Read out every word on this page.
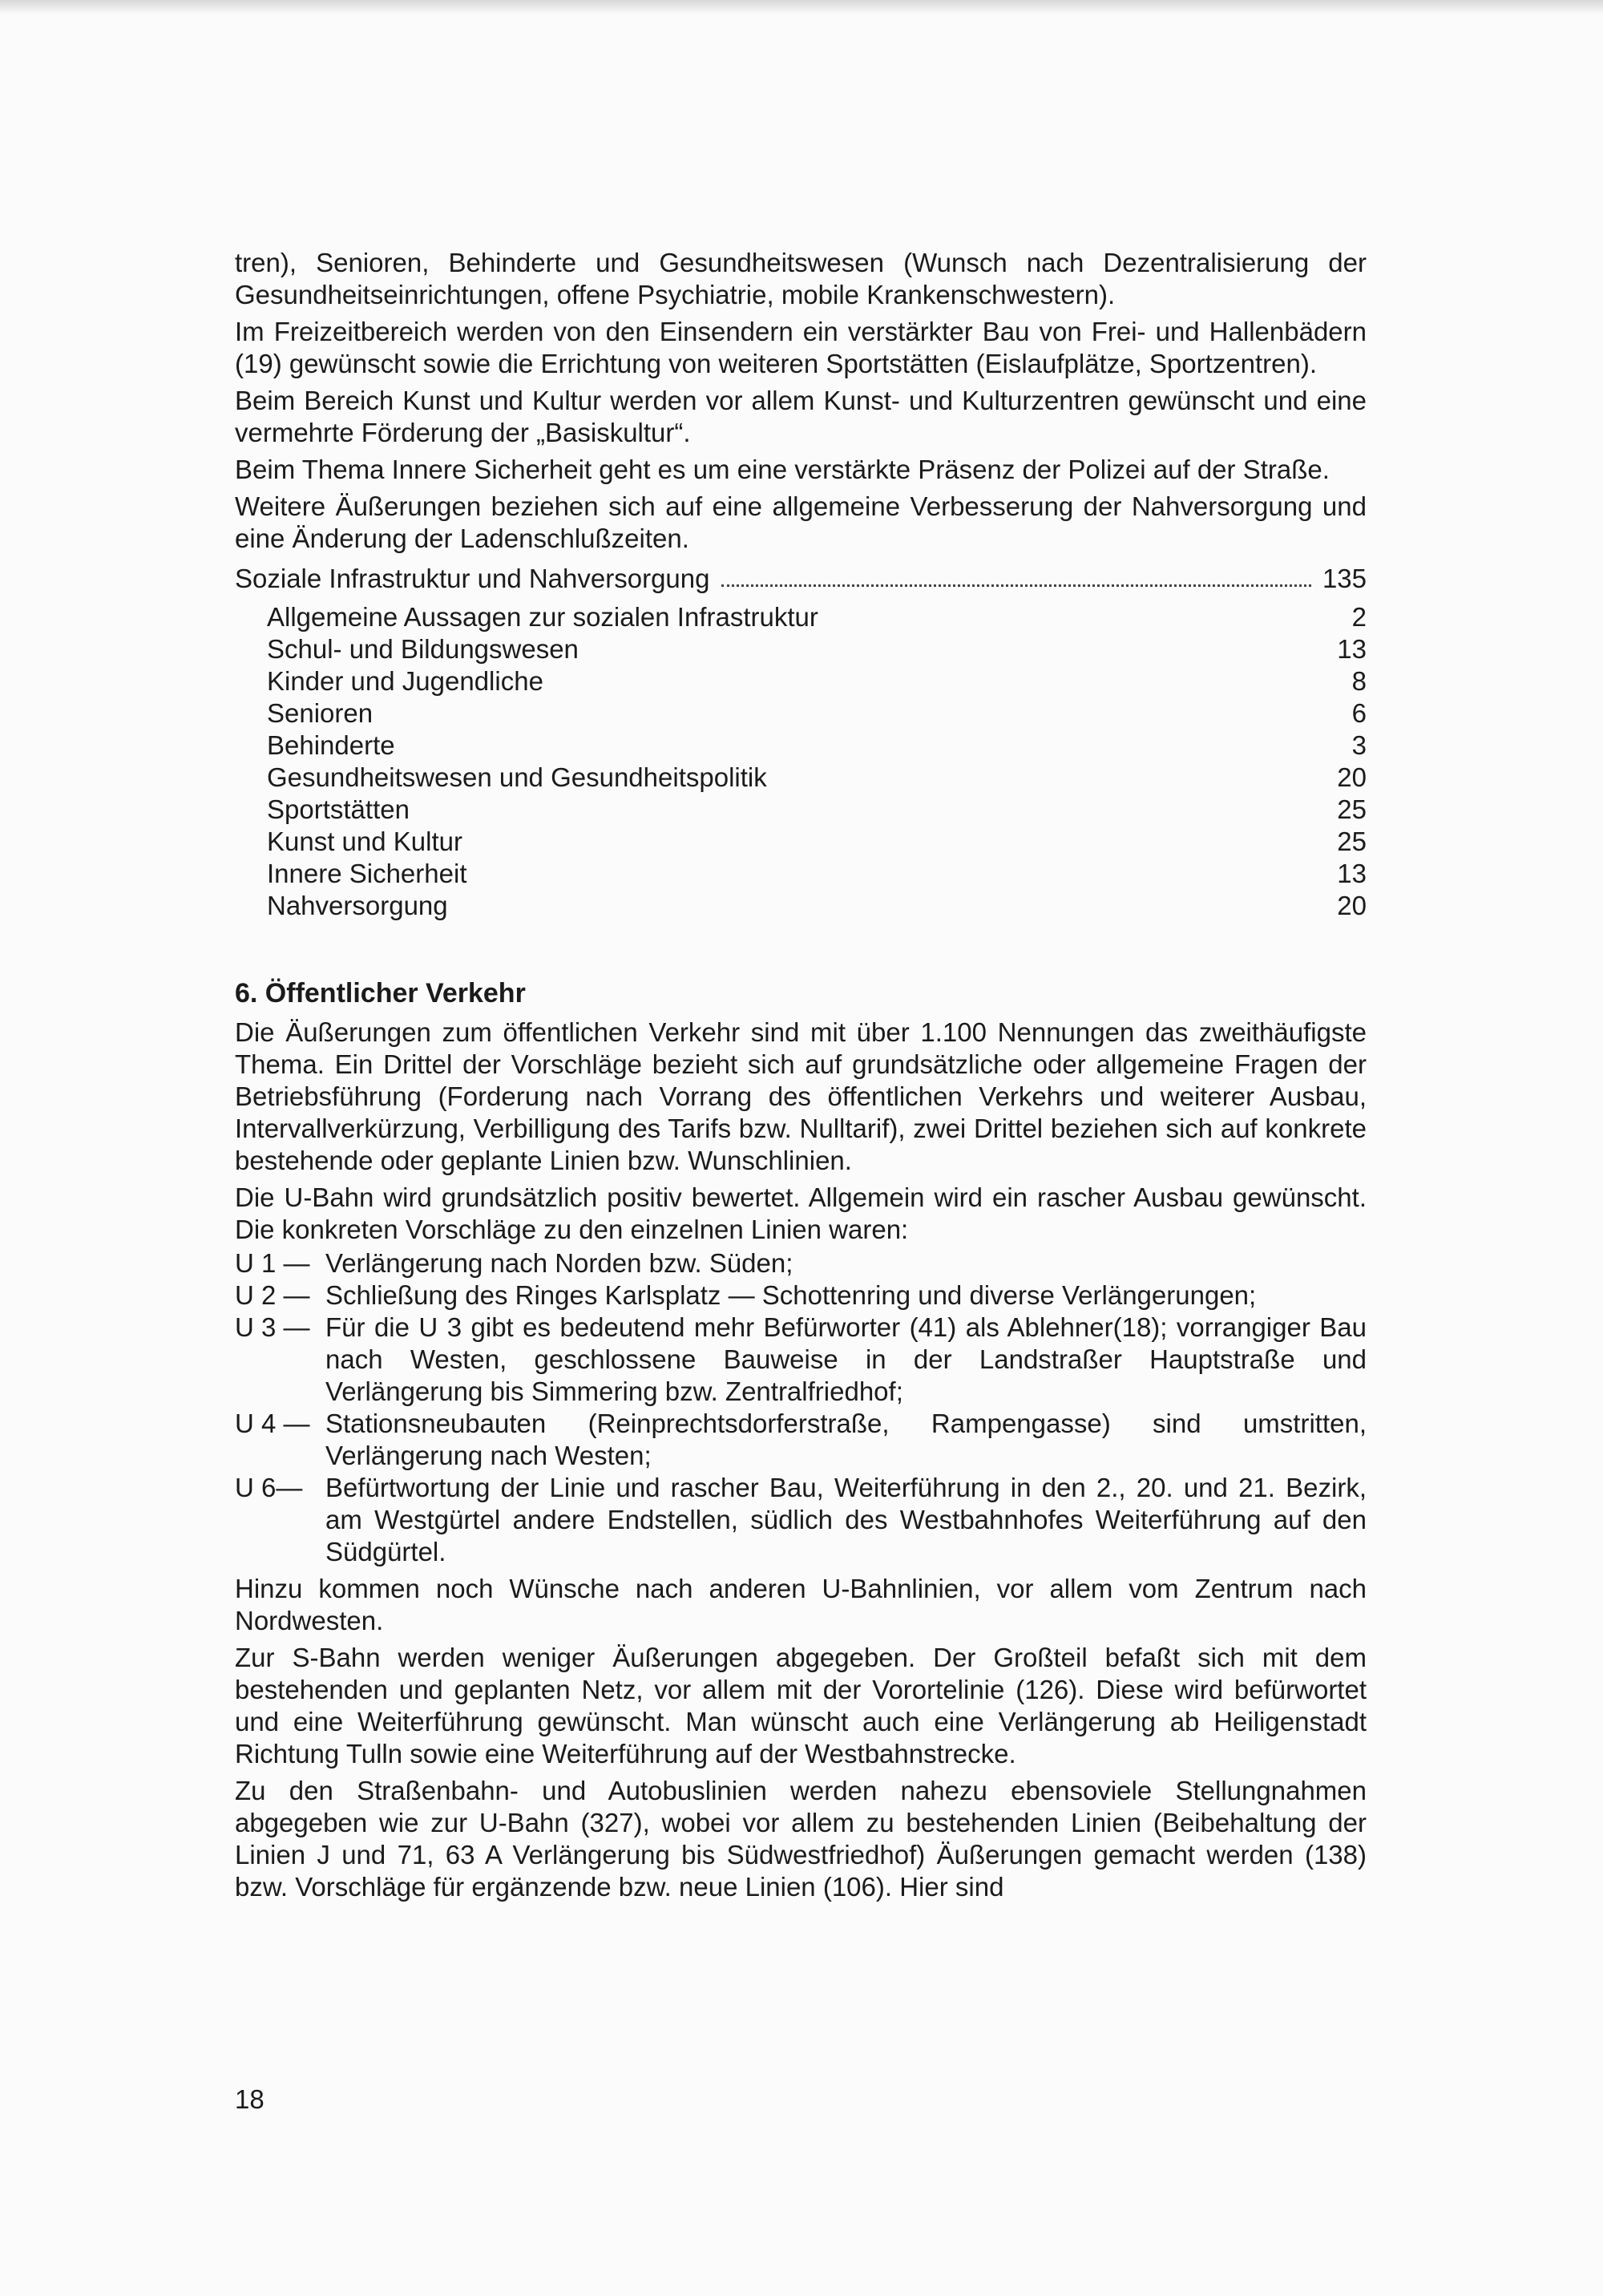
tren), Senioren, Behinderte und Gesundheitswesen (Wunsch nach Dezentralisierung der Gesundheitseinrichtungen, offene Psychiatrie, mobile Krankenschwestern).

Im Freizeitbereich werden von den Einsendern ein verstärkter Bau von Frei- und Hallenbädern (19) gewünscht sowie die Errichtung von weiteren Sportstätten (Eislaufplätze, Sportzentren).

Beim Bereich Kunst und Kultur werden vor allem Kunst- und Kulturzentren gewünscht und eine vermehrte Förderung der „Basiskultur“.

Beim Thema Innere Sicherheit geht es um eine verstärkte Präsenz der Polizei auf der Straße.

Weitere Äußerungen beziehen sich auf eine allgemeine Verbesserung der Nahversorgung und eine Änderung der Ladenschlußzeiten.

Soziale Infrastruktur und Nahversorgung	135
Allgemeine Aussagen zur sozialen Infrastruktur	2
Schul- und Bildungswesen	13
Kinder und Jugendliche	8
Senioren	6
Behinderte	3
Gesundheitswesen und Gesundheitspolitik	20
Sportstätten	25
Kunst und Kultur	25
Innere Sicherheit	13
Nahversorgung	20
6. Öffentlicher Verkehr

Die Äußerungen zum öffentlichen Verkehr sind mit über 1.100 Nennungen das zweithäufigste Thema. Ein Drittel der Vorschläge bezieht sich auf grundsätzliche oder allgemeine Fragen der Betriebsführung (Forderung nach Vorrang des öffentlichen Verkehrs und weiterer Ausbau, Intervallverkürzung, Verbilligung des Tarifs bzw. Nulltarif), zwei Drittel beziehen sich auf konkrete bestehende oder geplante Linien bzw. Wunschlinien.

Die U-Bahn wird grundsätzlich positiv bewertet. Allgemein wird ein rascher Ausbau gewünscht. Die konkreten Vorschläge zu den einzelnen Linien waren:

U 1 — Verlängerung nach Norden bzw. Süden;
U 2 — Schließung des Ringes Karlsplatz — Schottenring und diverse Verlängerungen;
U 3 — Für die U 3 gibt es bedeutend mehr Befürworter (41) als Ablehner(18); vorrangiger Bau nach Westen, geschlossene Bauweise in der Landstraßer Hauptstraße und Verlängerung bis Simmering bzw. Zentralfriedhof;
U 4 — Stationsneubauten (Reinprechtsdorferstraße, Rampengasse) sind umstritten, Verlängerung nach Westen;
U 6— Befürtwortung der Linie und rascher Bau, Weiterführung in den 2., 20. und 21. Bezirk, am Westgürtel andere Endstellen, südlich des Westbahnhofes Weiterführung auf den Südgürtel.

Hinzu kommen noch Wünsche nach anderen U-Bahnlinien, vor allem vom Zentrum nach Nordwesten.

Zur S-Bahn werden weniger Äußerungen abgegeben. Der Großteil befaßt sich mit dem bestehenden und geplanten Netz, vor allem mit der Vorortelinie (126). Diese wird befürwortet und eine Weiterführung gewünscht. Man wünscht auch eine Verlängerung ab Heiligenstadt Richtung Tulln sowie eine Weiterführung auf der Westbahnstrecke.

Zu den Straßenbahn- und Autobuslinien werden nahezu ebensoviele Stellungnahmen abgegeben wie zur U-Bahn (327), wobei vor allem zu bestehenden Linien (Beibehaltung der Linien J und 71, 63 A Verlängerung bis Südwestfriedhof) Äußerungen gemacht werden (138) bzw. Vorschläge für ergänzende bzw. neue Linien (106). Hier sind

18
